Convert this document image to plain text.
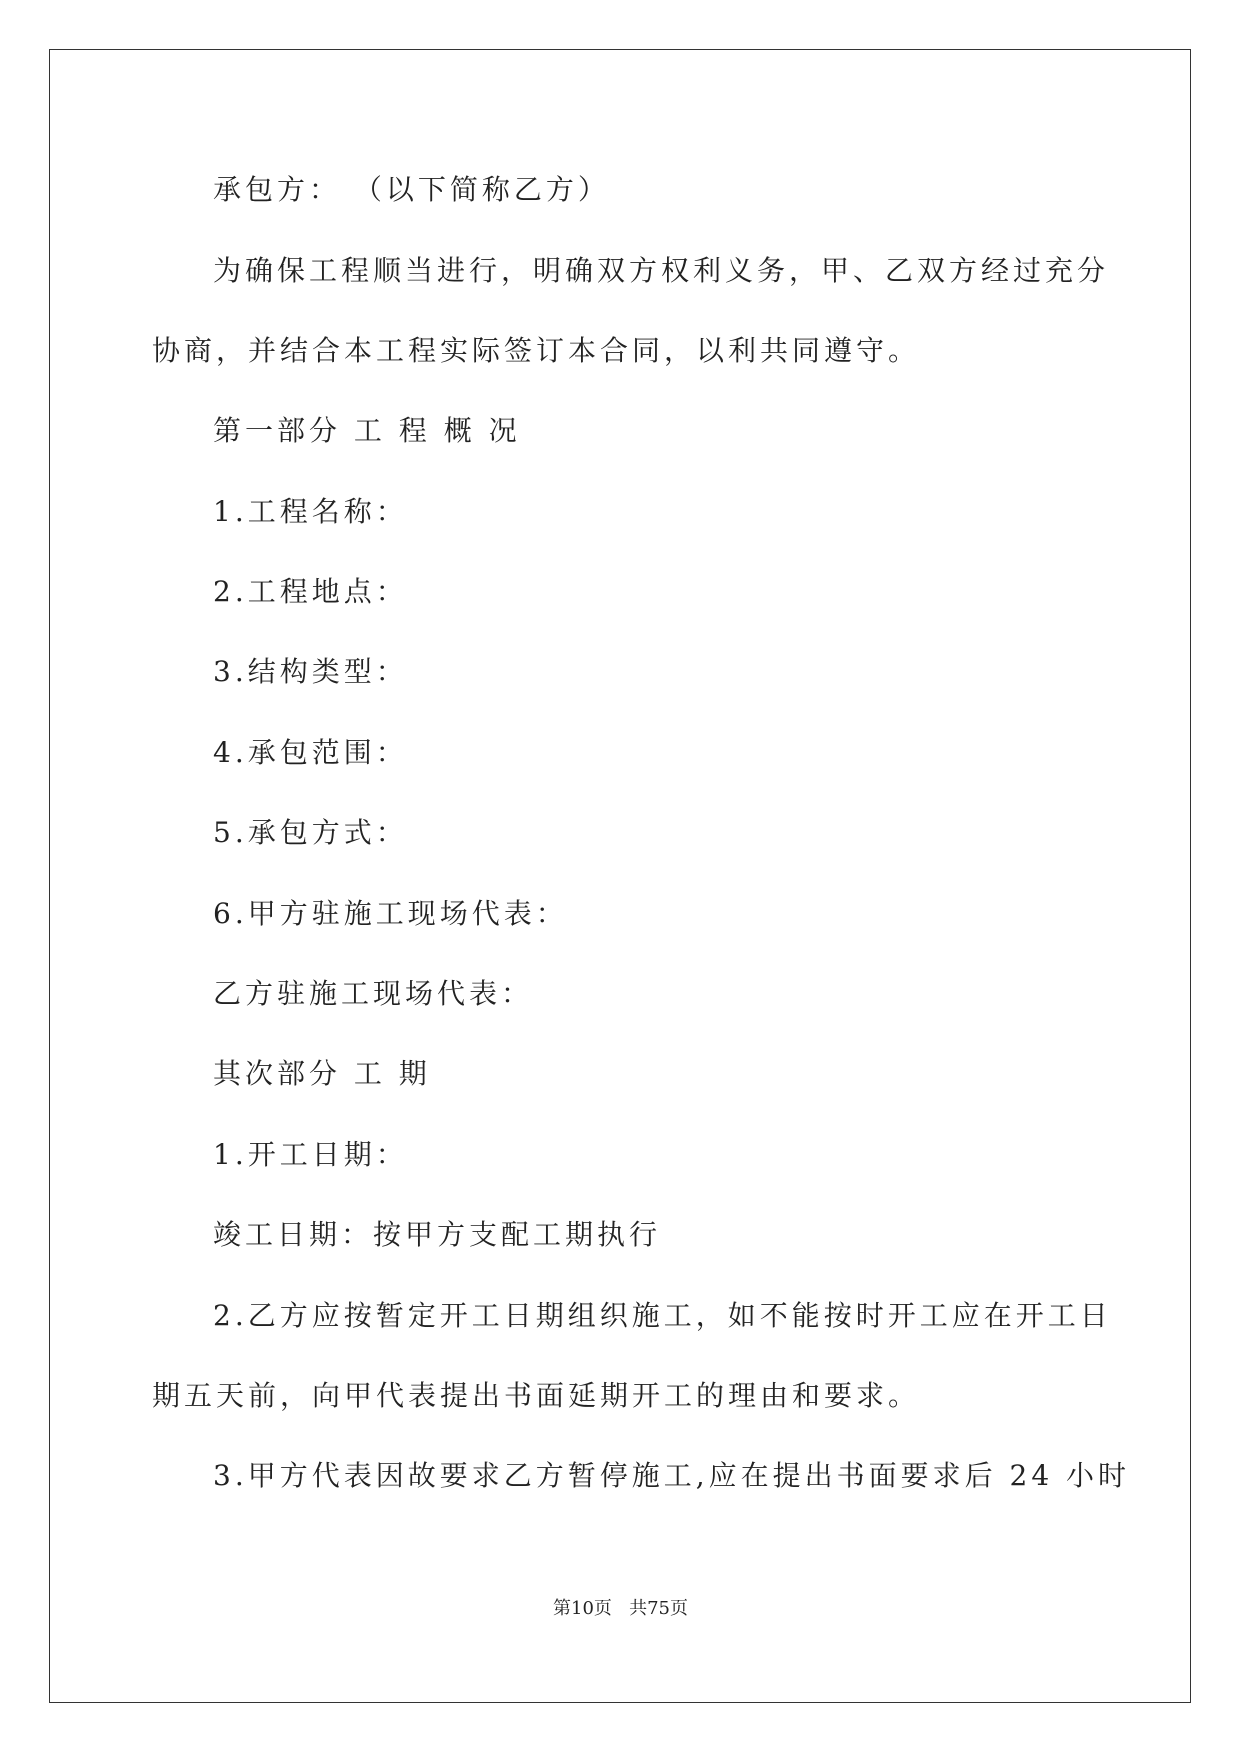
承包方： （以下简称乙方）
为确保工程顺当进行，明确双方权利义务，甲、乙双方经过充分
协商，并结合本工程实际签订本合同，以利共同遵守。
第一部分 工 程 概 况
1.工程名称：
2.工程地点：
3.结构类型：
4.承包范围：
5.承包方式：
6.甲方驻施工现场代表：
乙方驻施工现场代表：
其次部分 工 期
1.开工日期：
竣工日期：按甲方支配工期执行
2.乙方应按暂定开工日期组织施工，如不能按时开工应在开工日
期五天前，向甲代表提出书面延期开工的理由和要求。
3.甲方代表因故要求乙方暂停施工,应在提出书面要求后 24 小时
第10页   共75页
